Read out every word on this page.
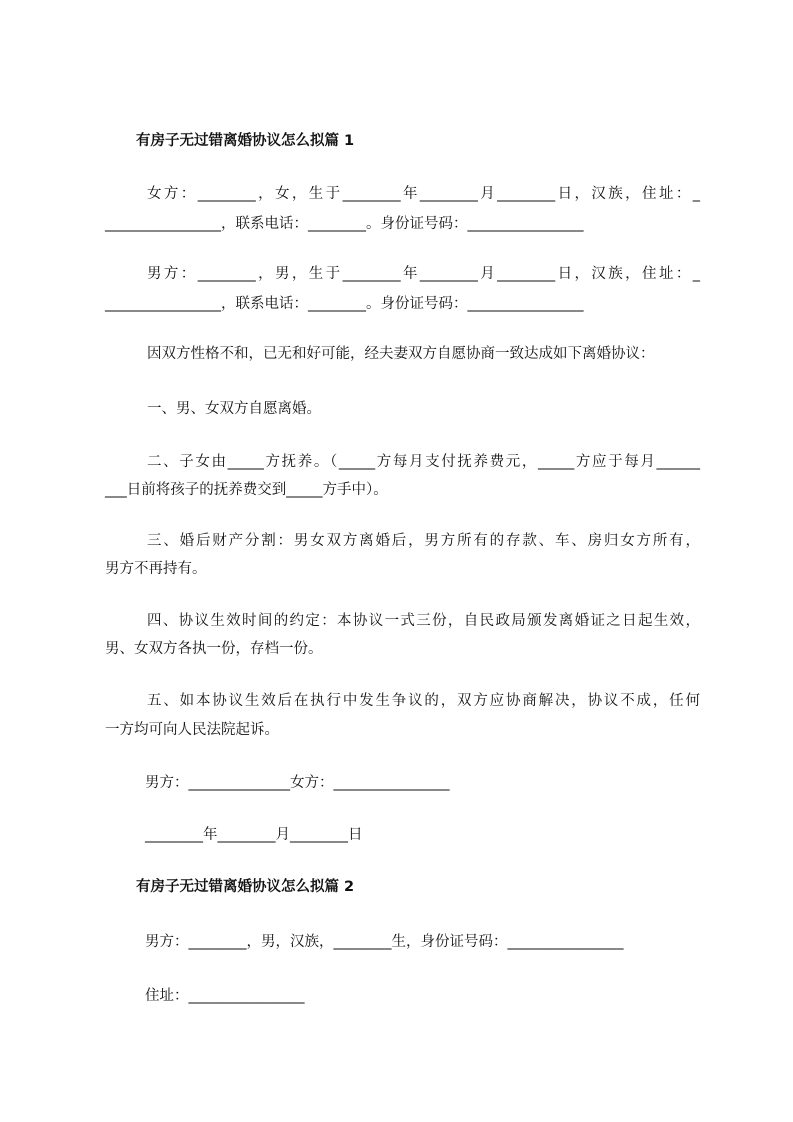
有房子无过错离婚协议怎么拟篇 1
女方：________，女，生于________年________月________日，汉族，住址：_
________________，联系电话：________。身份证号码：________________
男方：________，男，生于________年________月________日，汉族，住址：_
________________，联系电话：________。身份证号码：________________
因双方性格不和，已无和好可能，经夫妻双方自愿协商一致达成如下离婚协议：
一、男、女双方自愿离婚。
二、子女由_____方抚养。（_____方每月支付抚养费元，_____方应于每月______
___日前将孩子的抚养费交到_____方手中）。
三、婚后财产分割：男女双方离婚后，男方所有的存款、车、房归女方所有，
男方不再持有。
四、协议生效时间的约定：本协议一式三份，自民政局颁发离婚证之日起生效，
男、女双方各执一份，存档一份。
五、如本协议生效后在执行中发生争议的，双方应协商解决，协议不成，任何
一方均可向人民法院起诉。
男方：______________女方：________________
________年________月________日
有房子无过错离婚协议怎么拟篇 2
男方：________，男，汉族，________生，身份证号码：________________
住址：________________
